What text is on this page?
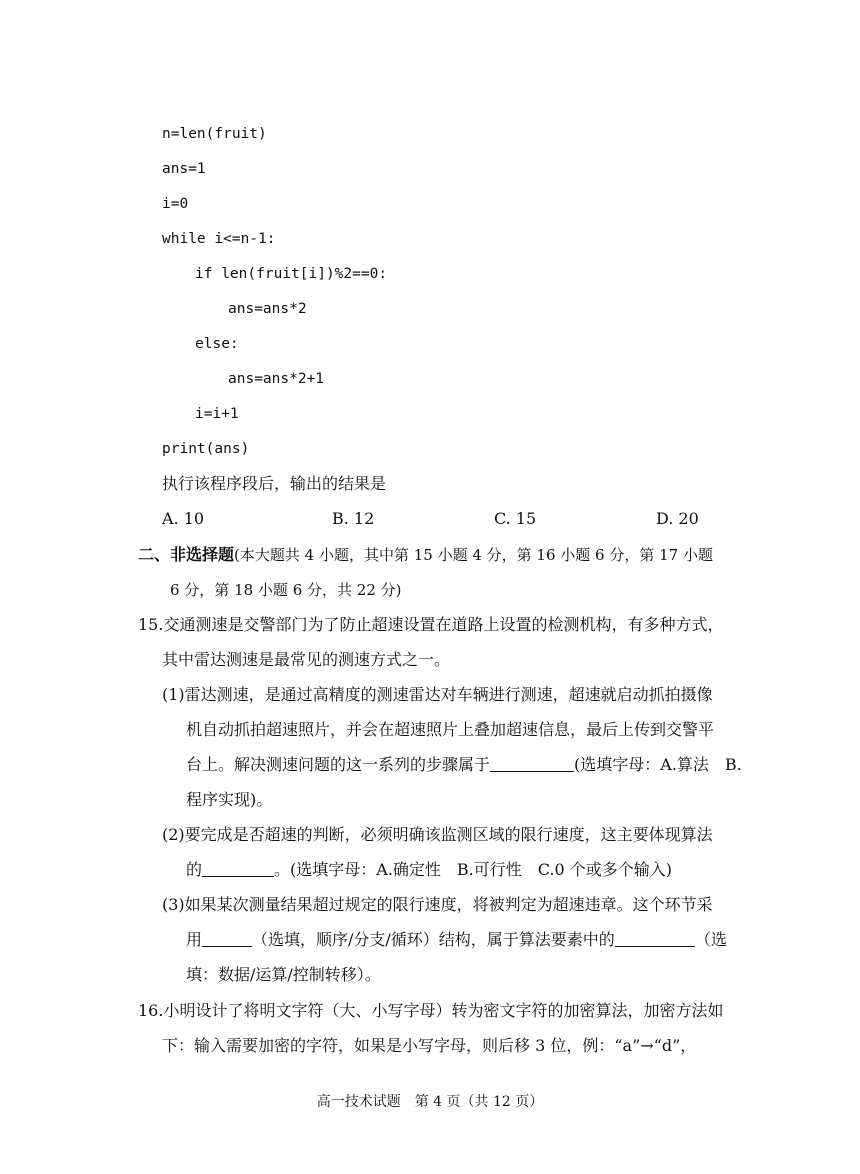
n=len(fruit)
ans=1
i=0
while i<=n-1:
if len(fruit[i])%2==0:
ans=ans*2
else:
ans=ans*2+1
i=i+1
print(ans)
执行该程序段后，输出的结果是
A. 10	B. 12	C. 15	D. 20
二、非选择题(本大题共 4 小题，其中第 15 小题 4 分，第 16 小题 6 分，第 17 小题
6 分，第 18 小题 6 分，共 22 分)
15.交通测速是交警部门为了防止超速设置在道路上设置的检测机构，有多种方式，
其中雷达测速是最常见的测速方式之一。
(1)雷达测速，是通过高精度的测速雷达对车辆进行测速，超速就启动抓拍摄像
机自动抓拍超速照片，并会在超速照片上叠加超速信息，最后上传到交警平
台上。解决测速问题的这一系列的步骤属于	(选填字母：A.算法　B.
程序实现)。
(2)要完成是否超速的判断，必须明确该监测区域的限行速度，这主要体现算法
的	。(选填字母：A.确定性　B.可行性　C.0 个或多个输入)
(3)如果某次测量结果超过规定的限行速度，将被判定为超速违章。这个环节采
用	（选填，顺序/分支/循环）结构，属于算法要素中的	（选
填：数据/运算/控制转移）。
16.小明设计了将明文字符（大、小写字母）转为密文字符的加密算法，加密方法如
下：输入需要加密的字符，如果是小写字母，则后移 3 位，例：“a”→“d”，
高一技术试题　第 4 页（共 12 页）
